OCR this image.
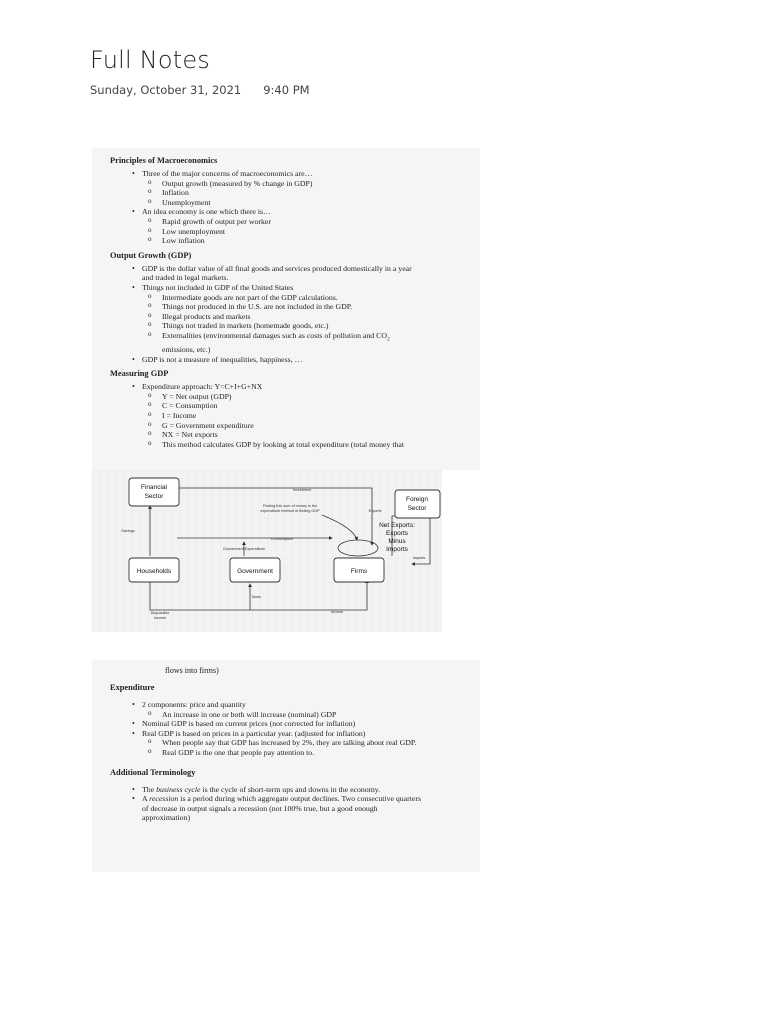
Full Notes
Sunday, October 31, 2021 9:40 PM
Principles of Macroeconomics
• Three of the major concerns of macroeconomics are…
o Output growth (measured by % change in GDP)
o Inflation
o Unemployment
• An idea economy is one which there is…
o Rapid growth of output per worker
o Low unemployment
o Low inflation
Output Growth (GDP)
• GDP is the dollar value of all final goods and services produced domestically in a year
and traded in legal markets.
• Things not included in GDP of the United States
o Intermediate goods are not part of the GDP calculations.
o Things not produced in the U.S. are not included in the GDP.
o Illegal products and markets
o Things not traded in markets (homemade goods, etc.)
o Externalities (environmental damages such as costs of pollution and $CO_2$
emissions, etc.)
• GDP is not a measure of inequalities, happiness, …
Measuring GDP
• Expenditure approach: Y=C+I+G+NX
o Y = Net output (GDP)
o C = Consumption
o I = Income
o G = Government expenditure
o NX = Net exports
o This method calculates GDP by looking at total expenditure (total money that
Financial
Sector	Foreign
Sector
Households	Government	Firms
Investment
Savings
Consumption
Government Expenditure
Taxes
Disposable
Income
Income
Exports
Imports
Finding this sum of money is the
expenditure method of finding GDP
Net Exports:
Exports
Minus
Imports
flows into firms)
Expenditure
• 2 components: price and quantity
o An increase in one or both will increase (nominal) GDP
• Nominal GDP is based on current prices (not corrected for inflation)
• Real GDP is based on prices in a particular year. (adjusted for inflation)
o When people say that GDP has increased by 2%, they are talking about real GDP.
o Real GDP is the one that people pay attention to.
Additional Terminology
• The business cycle is the cycle of short-term ups and downs in the economy.
• A recession is a period during which aggregate output declines. Two consecutive quarters
of decrease in output signals a recession (not 100% true, but a good enough
approximation)
